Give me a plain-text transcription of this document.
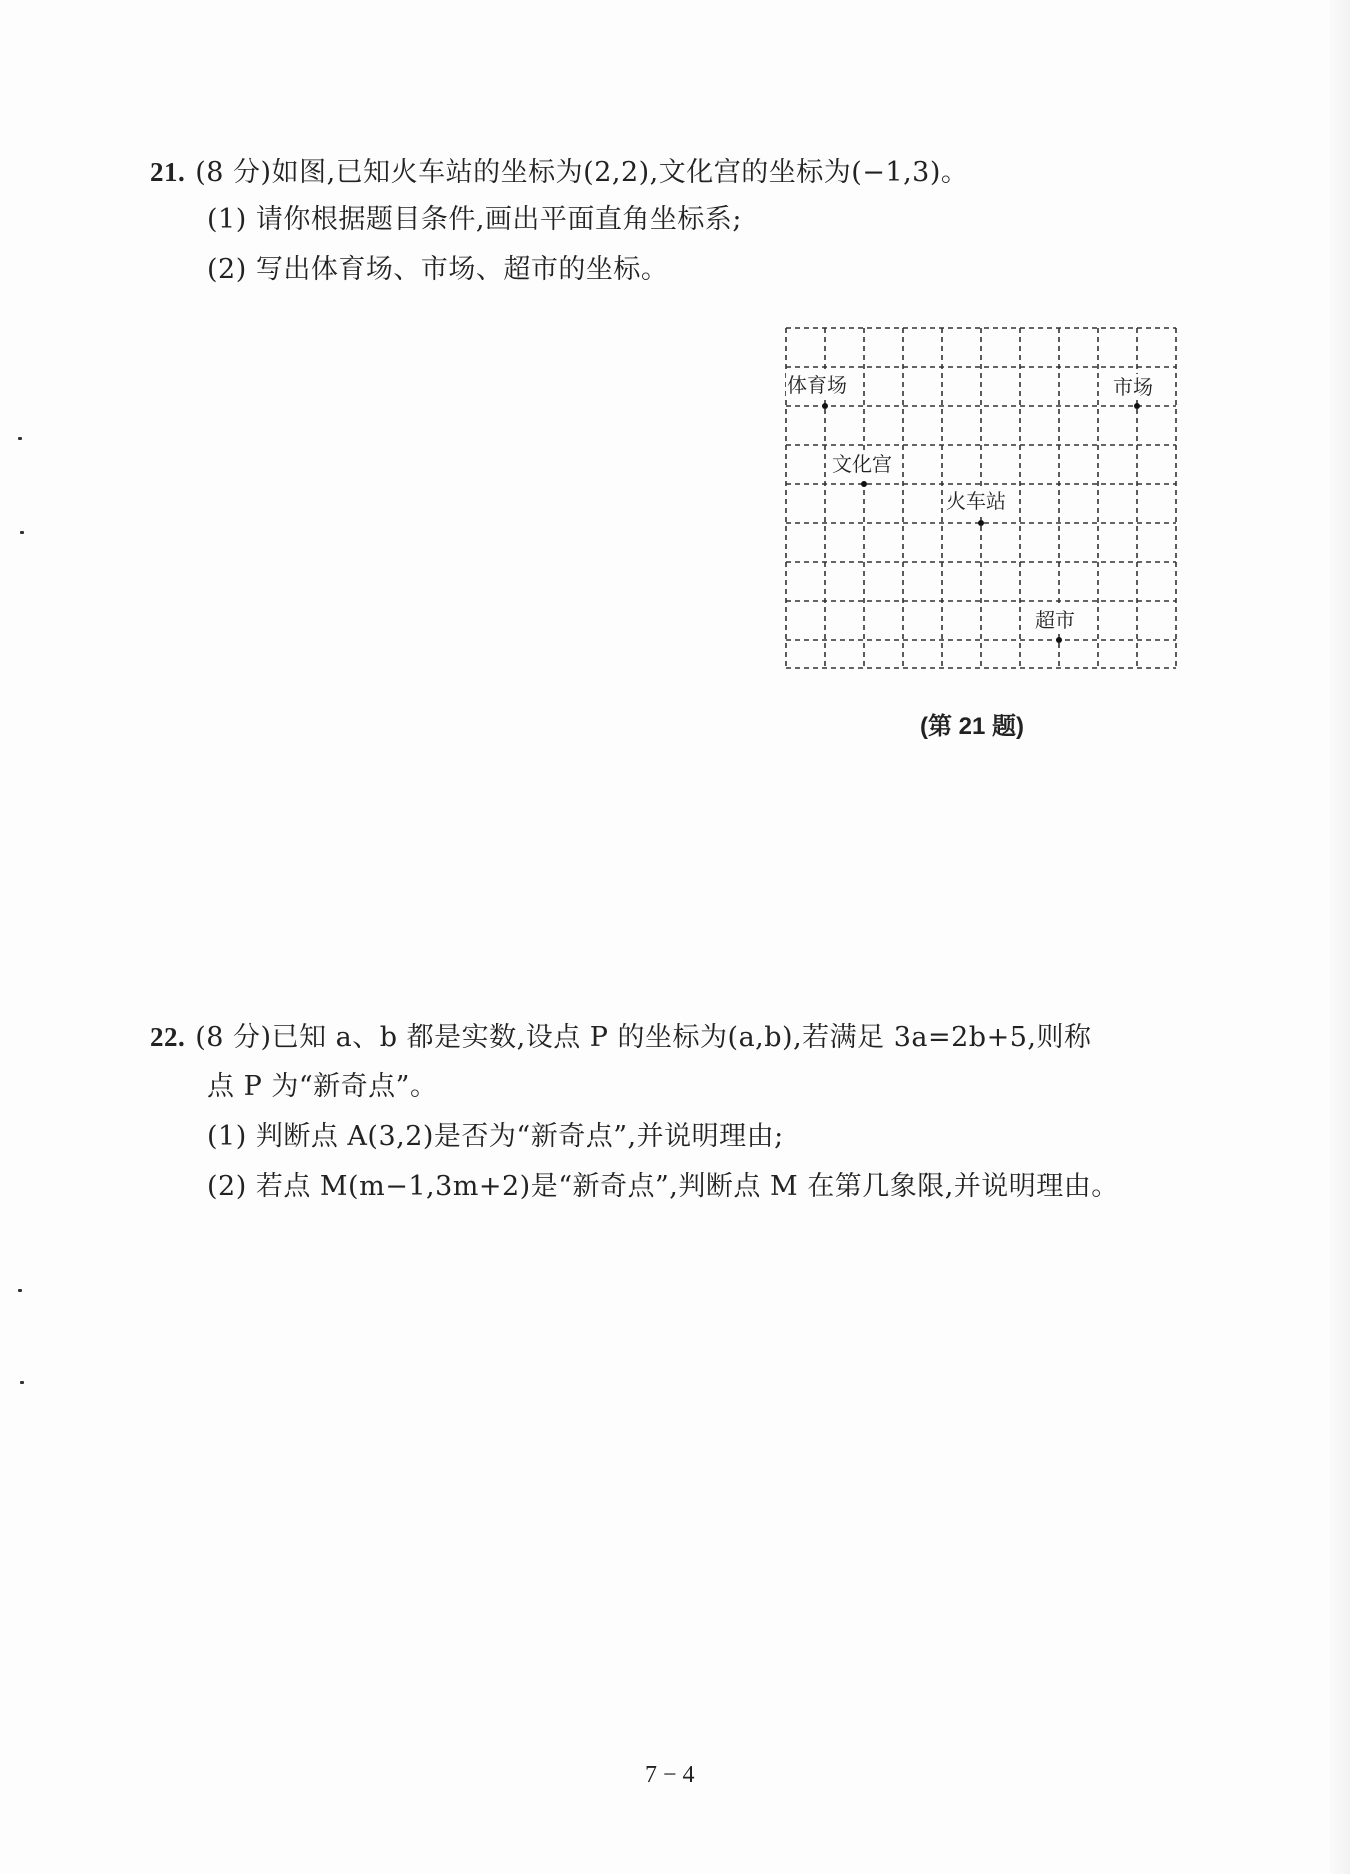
21. (8 分)如图,已知火车站的坐标为(2,2),文化宫的坐标为(−1,3)。
(1) 请你根据题目条件,画出平面直角坐标系;
(2) 写出体育场、市场、超市的坐标。
体育场	市场
文化宫
火车站
超市
(第 21 题)
22. (8 分)已知 a、b 都是实数,设点 P 的坐标为(a,b),若满足 3a=2b+5,则称
点 P 为“新奇点”。
(1) 判断点 A(3,2)是否为“新奇点”,并说明理由;
(2) 若点 M(m−1,3m+2)是“新奇点”,判断点 M 在第几象限,并说明理由。
7 − 4
